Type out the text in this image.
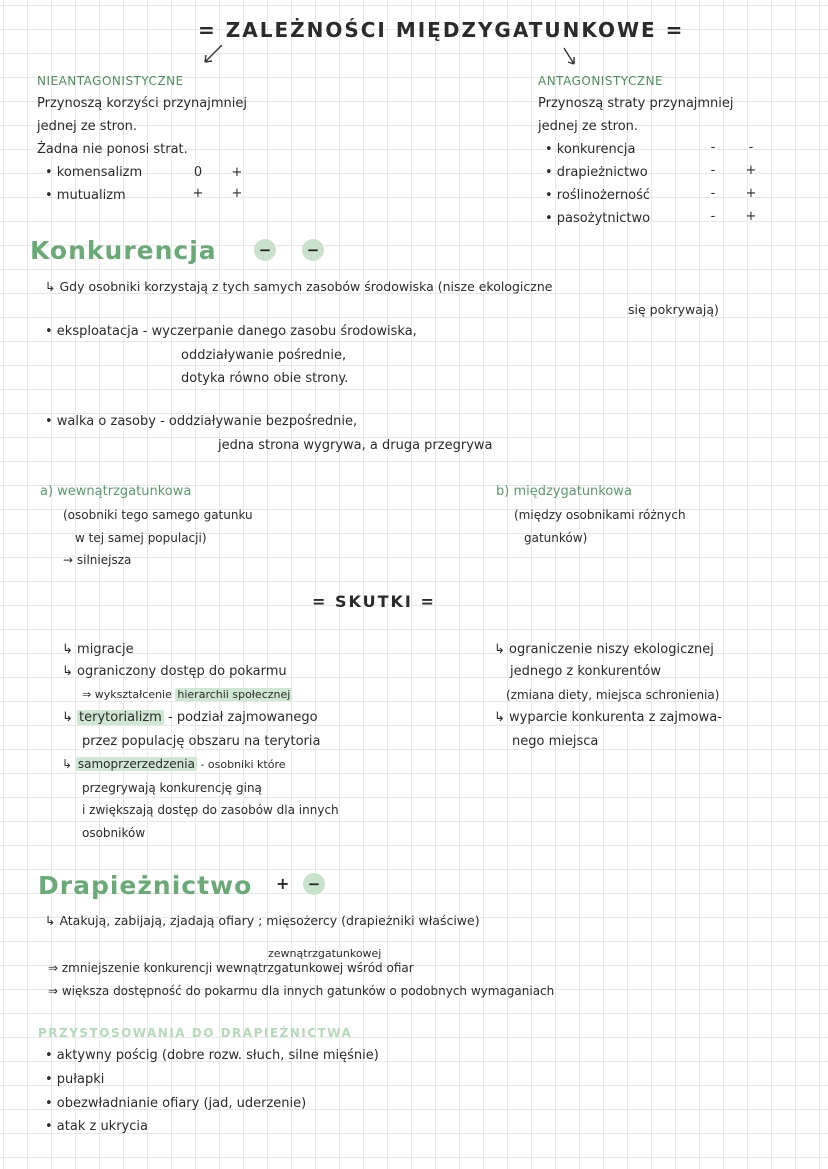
= ZALEŻNOŚCI MIĘDZYGATUNKOWE =
NIEANTAGONISTYCZNE
Przynoszą korzyści przynajmniej
jednej ze stron.
Żadna nie ponosi strat.
• komensalizm	0 +
• mutualizm	+ +
ANTAGONISTYCZNE
Przynoszą straty przynajmniej
jednej ze stron.
• konkurencja	-	-
• drapieżnictwo	- +
• roślinożerność	- +
• pasożytnictwo	- +
Konkurencja	−	−
↳ Gdy osobniki korzystają z tych samych zasobów środowiska (nisze ekologiczne
się pokrywają)
• eksploatacja - wyczerpanie danego zasobu środowiska,
oddziaływanie pośrednie,
dotyka równo obie strony.
• walka o zasoby - oddziaływanie bezpośrednie,
jedna strona wygrywa, a druga przegrywa
a) wewnątrzgatunkowa
(osobniki tego samego gatunku
w tej samej populacji)
→ silniejsza
b) międzygatunkowa
(między osobnikami różnych
gatunków)
= SKUTKI =
↳ migracje
↳ ograniczony dostęp do pokarmu
⇒ wykształcenie hierarchii społecznej
↳ terytorializm - podział zajmowanego
przez populację obszaru na terytoria
↳ samoprzerzedzenia - osobniki które
przegrywają konkurencję giną
i zwiększają dostęp do zasobów dla innych
osobników
↳ ograniczenie niszy ekologicznej
jednego z konkurentów
(zmiana diety, miejsca schronienia)
↳ wyparcie konkurenta z zajmowa-
nego miejsca
Drapieżnictwo +	−
↳ Atakują, zabijają, zjadają ofiary ; mięsożercy (drapieżniki właściwe)
zewnątrzgatunkowej
⇒ zmniejszenie konkurencji wewnątrzgatunkowej wśród ofiar
⇒ większa dostępność do pokarmu dla innych gatunków o podobnych wymaganiach
PRZYSTOSOWANIA DO DRAPIEŻNICTWA
• aktywny pościg (dobre rozw. słuch, silne mięśnie)
• pułapki
• obezwładnianie ofiary (jad, uderzenie)
• atak z ukrycia
